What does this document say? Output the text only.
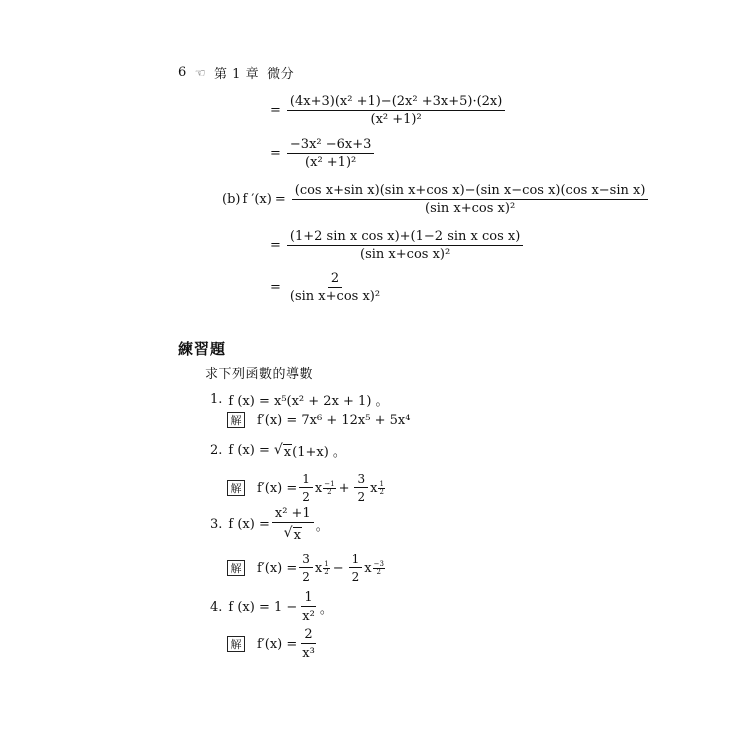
6 ☜ 第 1 章 微分
= $\frac{\text{(4x+3)(x² +1)−(2x² +3x+5)·(2x)}}{\text{(x² +1)²}}$
= $\frac{\text{−3x² −6x+3}}{\text{(x² +1)²}}$
(b) f $'(x) = \frac{\text{(cos x+sin x)(sin x+cos x)−(sin x−cos x)(cos x−sin x)}}{\text{(sin x+cos x)²}}$
= $\frac{\text{(1+2 sin x cos x)+(1−2 sin x cos x)}}{\text{(sin x+cos x)²}}$
= $\frac{2}{\text{(sin x+cos x)²}}$
練習題
求下列函數的導數
1. f (x) = x⁵(x² + 2x + 1) 。
解 f′(x) = 7x⁶ + 12x⁵ + 5x⁴
2. f (x) = √ x (1+x) 。
解 $f'(x) = \frac{1}{2}$ x $\frac{-1}{2} + \frac{3}{2}$ x $\frac{1}{2}$
3. f $(x) = \frac{\text{x² +1}}{√ x}$ 。
解 $f'(x) = \frac{3}{2}$ x $\frac{1}{2} - \frac{1}{2}$ x $\frac{-3}{2}$
4. f $(x) = 1 - \frac{1}{\text{x²}}$ 。
解 $f'(x) = \frac{2}{\text{x³}}$
